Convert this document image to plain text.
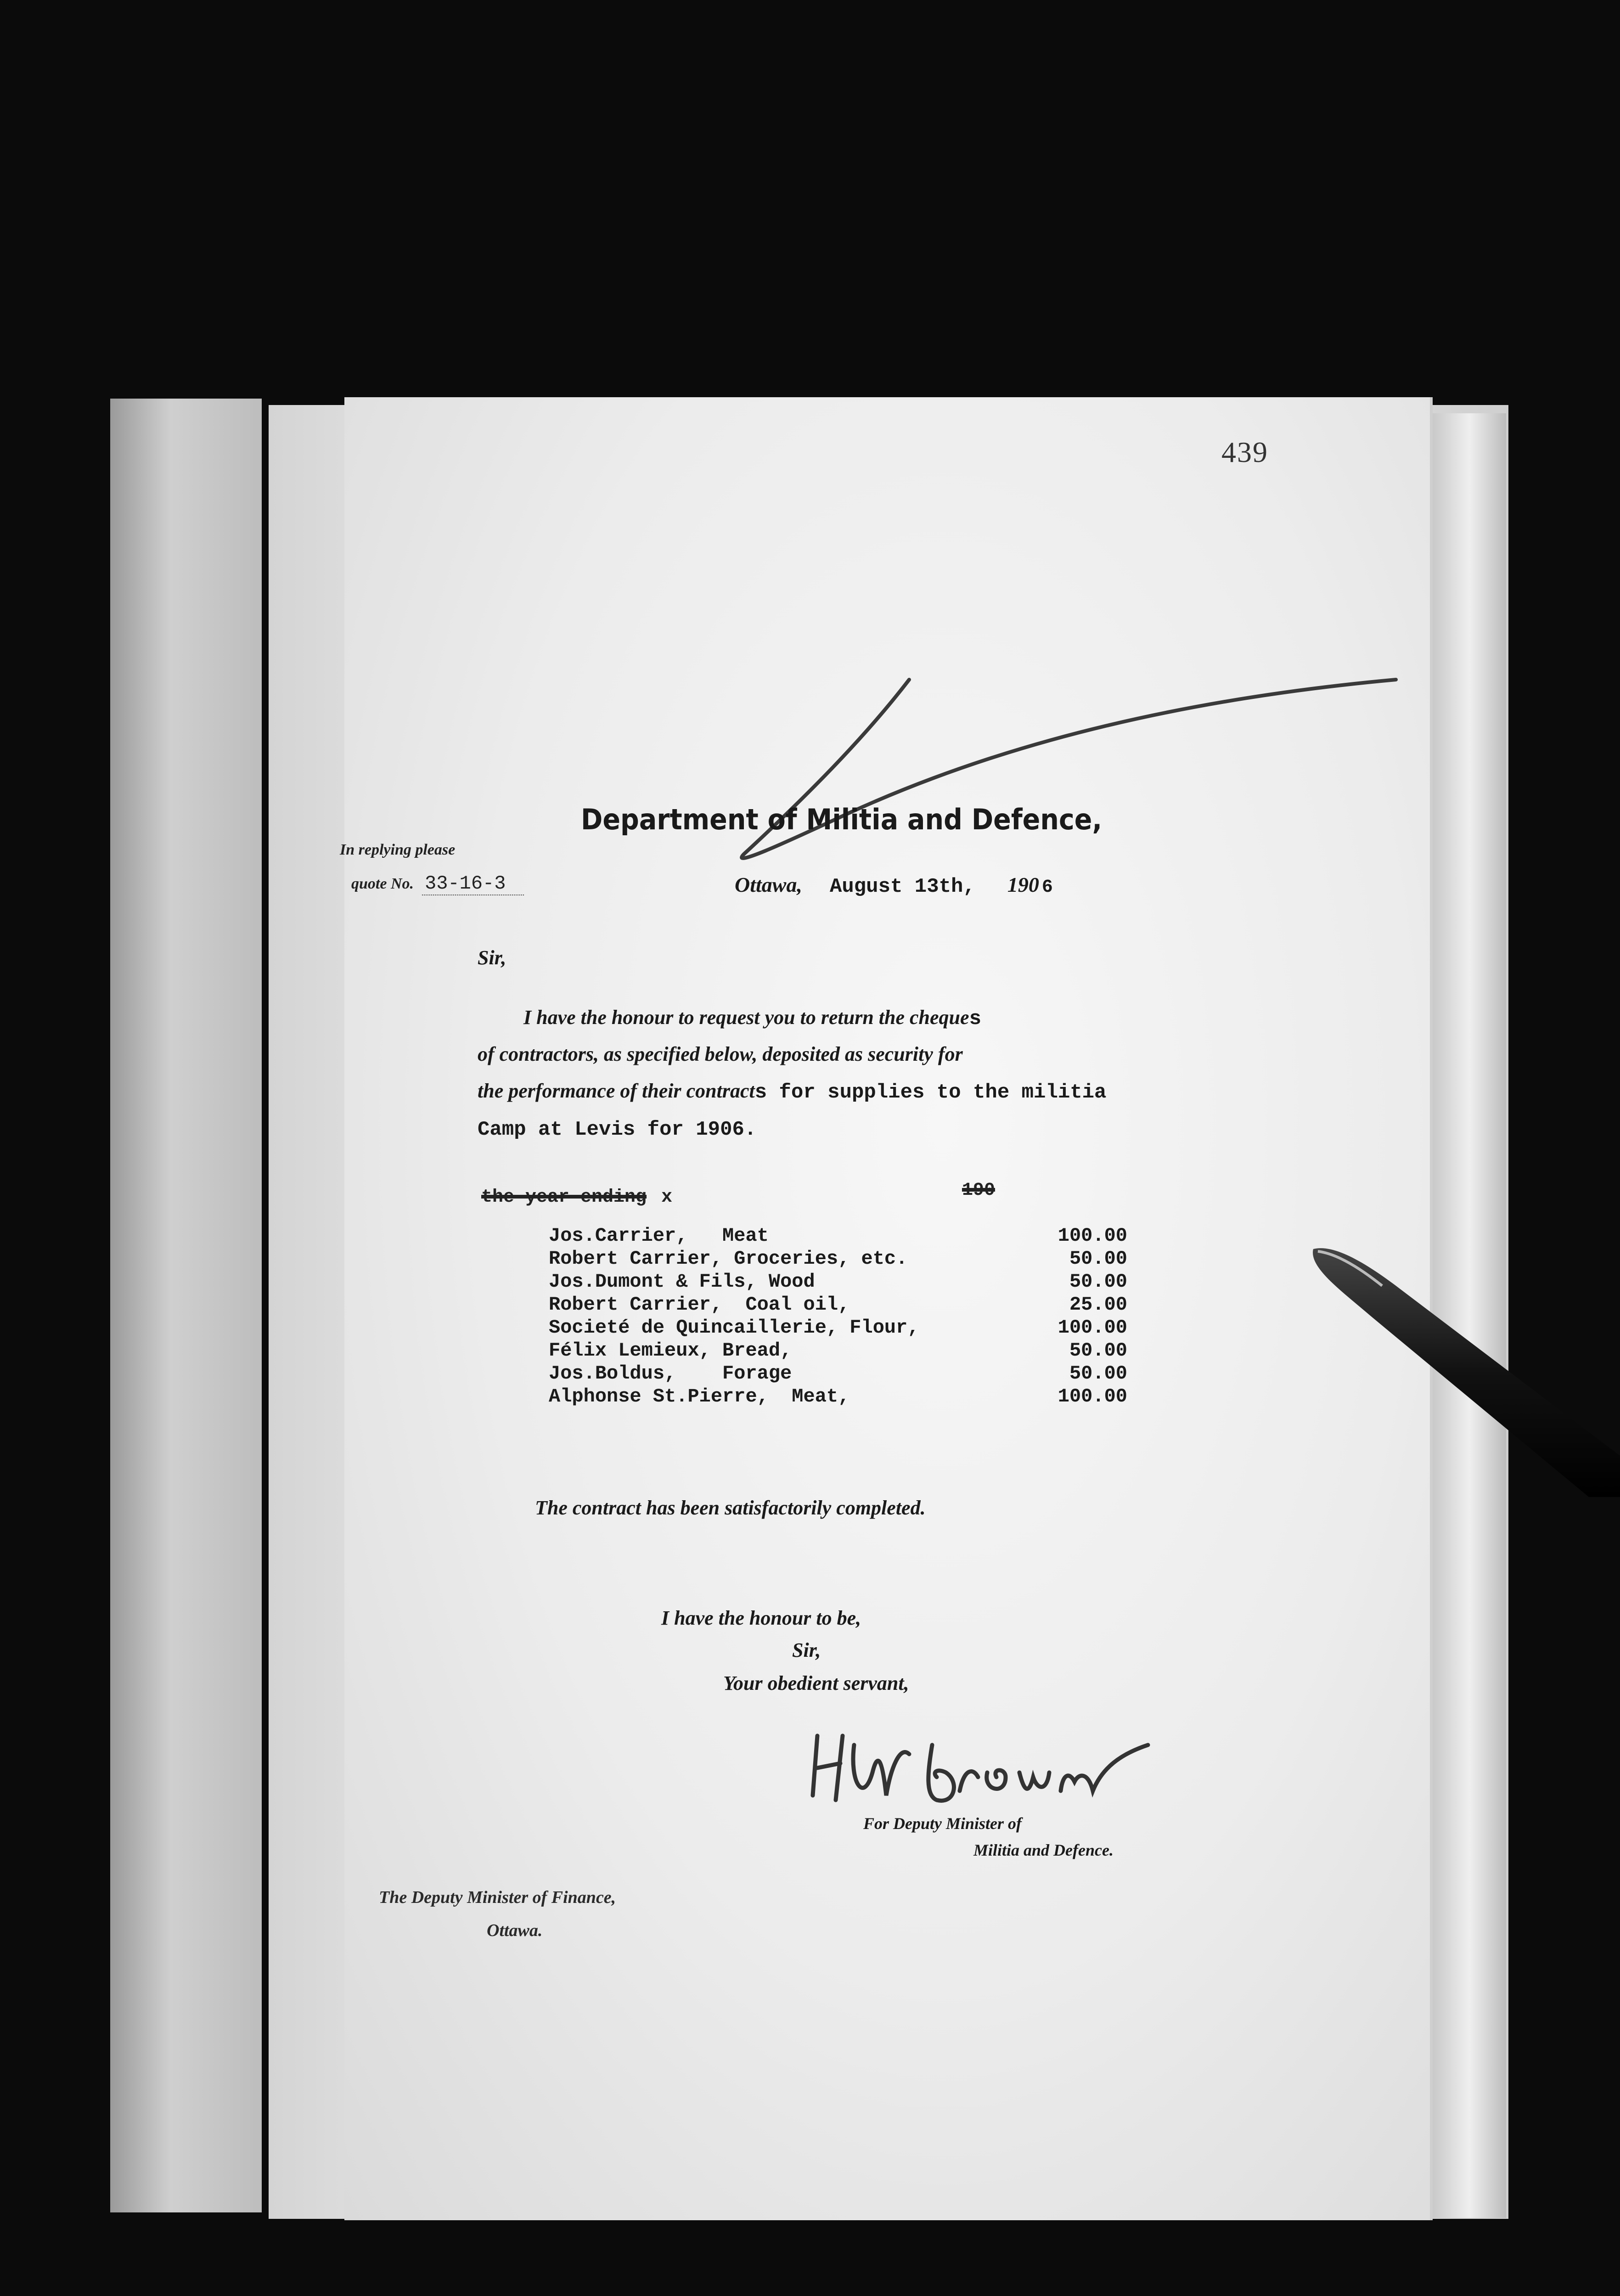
439
Department of Militia and Defence,
In replying please
quote No. 33-16-3	Ottawa, August 13th, 190 6
Sir,
I have the honour to request you to return the cheques
of contractors, as specified below, deposited as security for
the performance of their contracts for supplies to the militia
Camp at Levis for 1906.
the year ending x	190
Jos.Carrier,   Meat	100.00
Robert Carrier, Groceries, etc.	50.00
Jos.Dumont & Fils, Wood	50.00
Robert Carrier,  Coal oil,	25.00
Societé de Quincaillerie, Flour,	100.00
Félix Lemieux, Bread,	50.00
Jos.Boldus,    Forage	50.00
Alphonse St.Pierre,  Meat,	100.00
The contract has been satisfactorily completed.
I have the honour to be,
Sir,
Your obedient servant,
For Deputy Minister of
Militia and Defence.
The Deputy Minister of Finance,
Ottawa.
